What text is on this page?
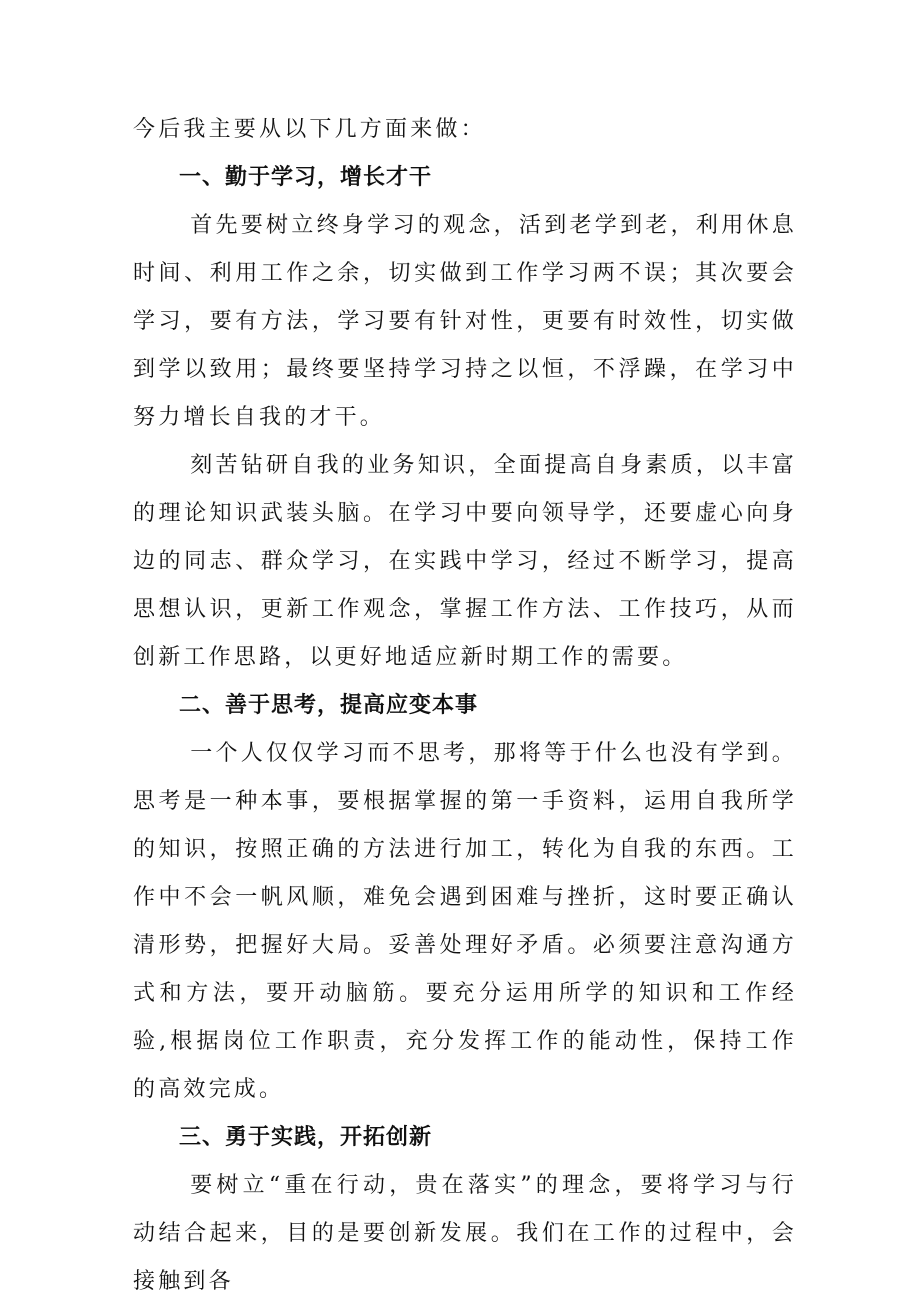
今后我主要从以下几方面来做：

一、勤于学习，增长才干

首先要树立终身学习的观念，活到老学到老，利用休息时间、利用工作之余，切实做到工作学习两不误；其次要会学习，要有方法，学习要有针对性，更要有时效性，切实做到学以致用；最终要坚持学习持之以恒，不浮躁，在学习中努力增长自我的才干。

刻苦钻研自我的业务知识，全面提高自身素质，以丰富的理论知识武装头脑。在学习中要向领导学，还要虚心向身边的同志、群众学习，在实践中学习，经过不断学习，提高思想认识，更新工作观念，掌握工作方法、工作技巧，从而创新工作思路，以更好地适应新时期工作的需要。

二、善于思考，提高应变本事

一个人仅仅学习而不思考，那将等于什么也没有学到。思考是一种本事，要根据掌握的第一手资料，运用自我所学的知识，按照正确的方法进行加工，转化为自我的东西。工作中不会一帆风顺，难免会遇到困难与挫折，这时要正确认清形势，把握好大局。妥善处理好矛盾。必须要注意沟通方式和方法，要开动脑筋。要充分运用所学的知识和工作经验,根据岗位工作职责，充分发挥工作的能动性，保持工作的高效完成。

三、勇于实践，开拓创新

要树立“重在行动，贵在落实”的理念，要将学习与行动结合起来，目的是要创新发展。我们在工作的过程中，会接触到各
